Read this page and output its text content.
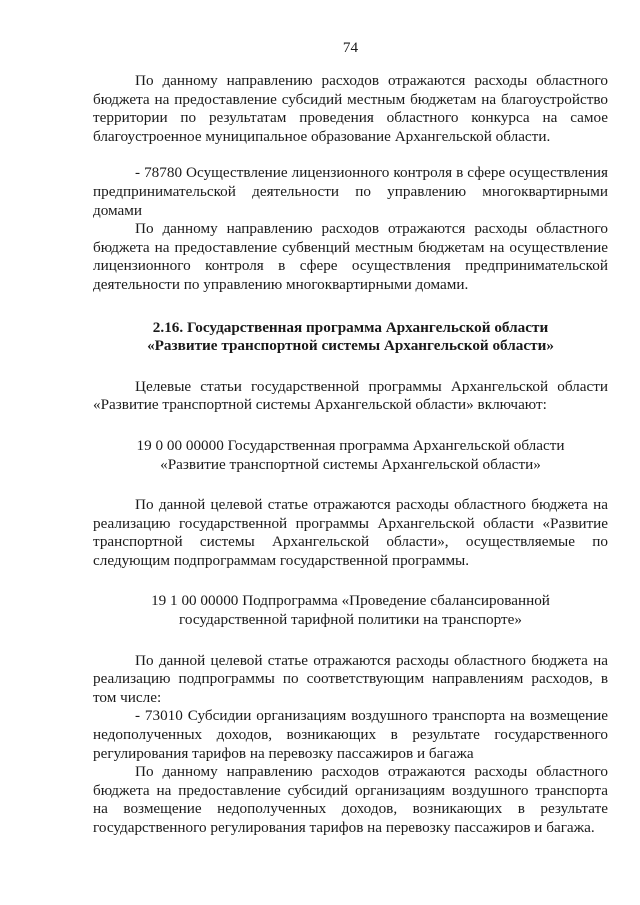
74

По данному направлению расходов отражаются расходы областного бюджета на предоставление субсидий местным бюджетам на благоустройство территории по результатам проведения областного конкурса на самое благоустроенное муниципальное образование Архангельской области.

- 78780 Осуществление лицензионного контроля в сфере осуществления предпринимательской деятельности по управлению многоквартирными домами

По данному направлению расходов отражаются расходы областного бюджета на предоставление субвенций местным бюджетам на осуществление лицензионного контроля в сфере осуществления предпринимательской деятельности по управлению многоквартирными домами.

2.16. Государственная программа Архангельской области
«Развитие транспортной системы Архангельской области»

Целевые статьи государственной программы Архангельской области «Развитие транспортной системы Архангельской области» включают:

19 0 00 00000 Государственная программа Архангельской области
«Развитие транспортной системы Архангельской области»

По данной целевой статье отражаются расходы областного бюджета на реализацию государственной программы Архангельской области «Развитие транспортной системы Архангельской области», осуществляемые по следующим подпрограммам государственной программы.

19 1 00 00000 Подпрограмма «Проведение сбалансированной
государственной тарифной политики на транспорте»

По данной целевой статье отражаются расходы областного бюджета на реализацию подпрограммы по соответствующим направлениям расходов, в том числе:

- 73010 Субсидии организациям воздушного транспорта на возмещение недополученных доходов, возникающих в результате государственного регулирования тарифов на перевозку пассажиров и багажа

По данному направлению расходов отражаются расходы областного бюджета на предоставление субсидий организациям воздушного транспорта на возмещение недополученных доходов, возникающих в результате государственного регулирования тарифов на перевозку пассажиров и багажа.
